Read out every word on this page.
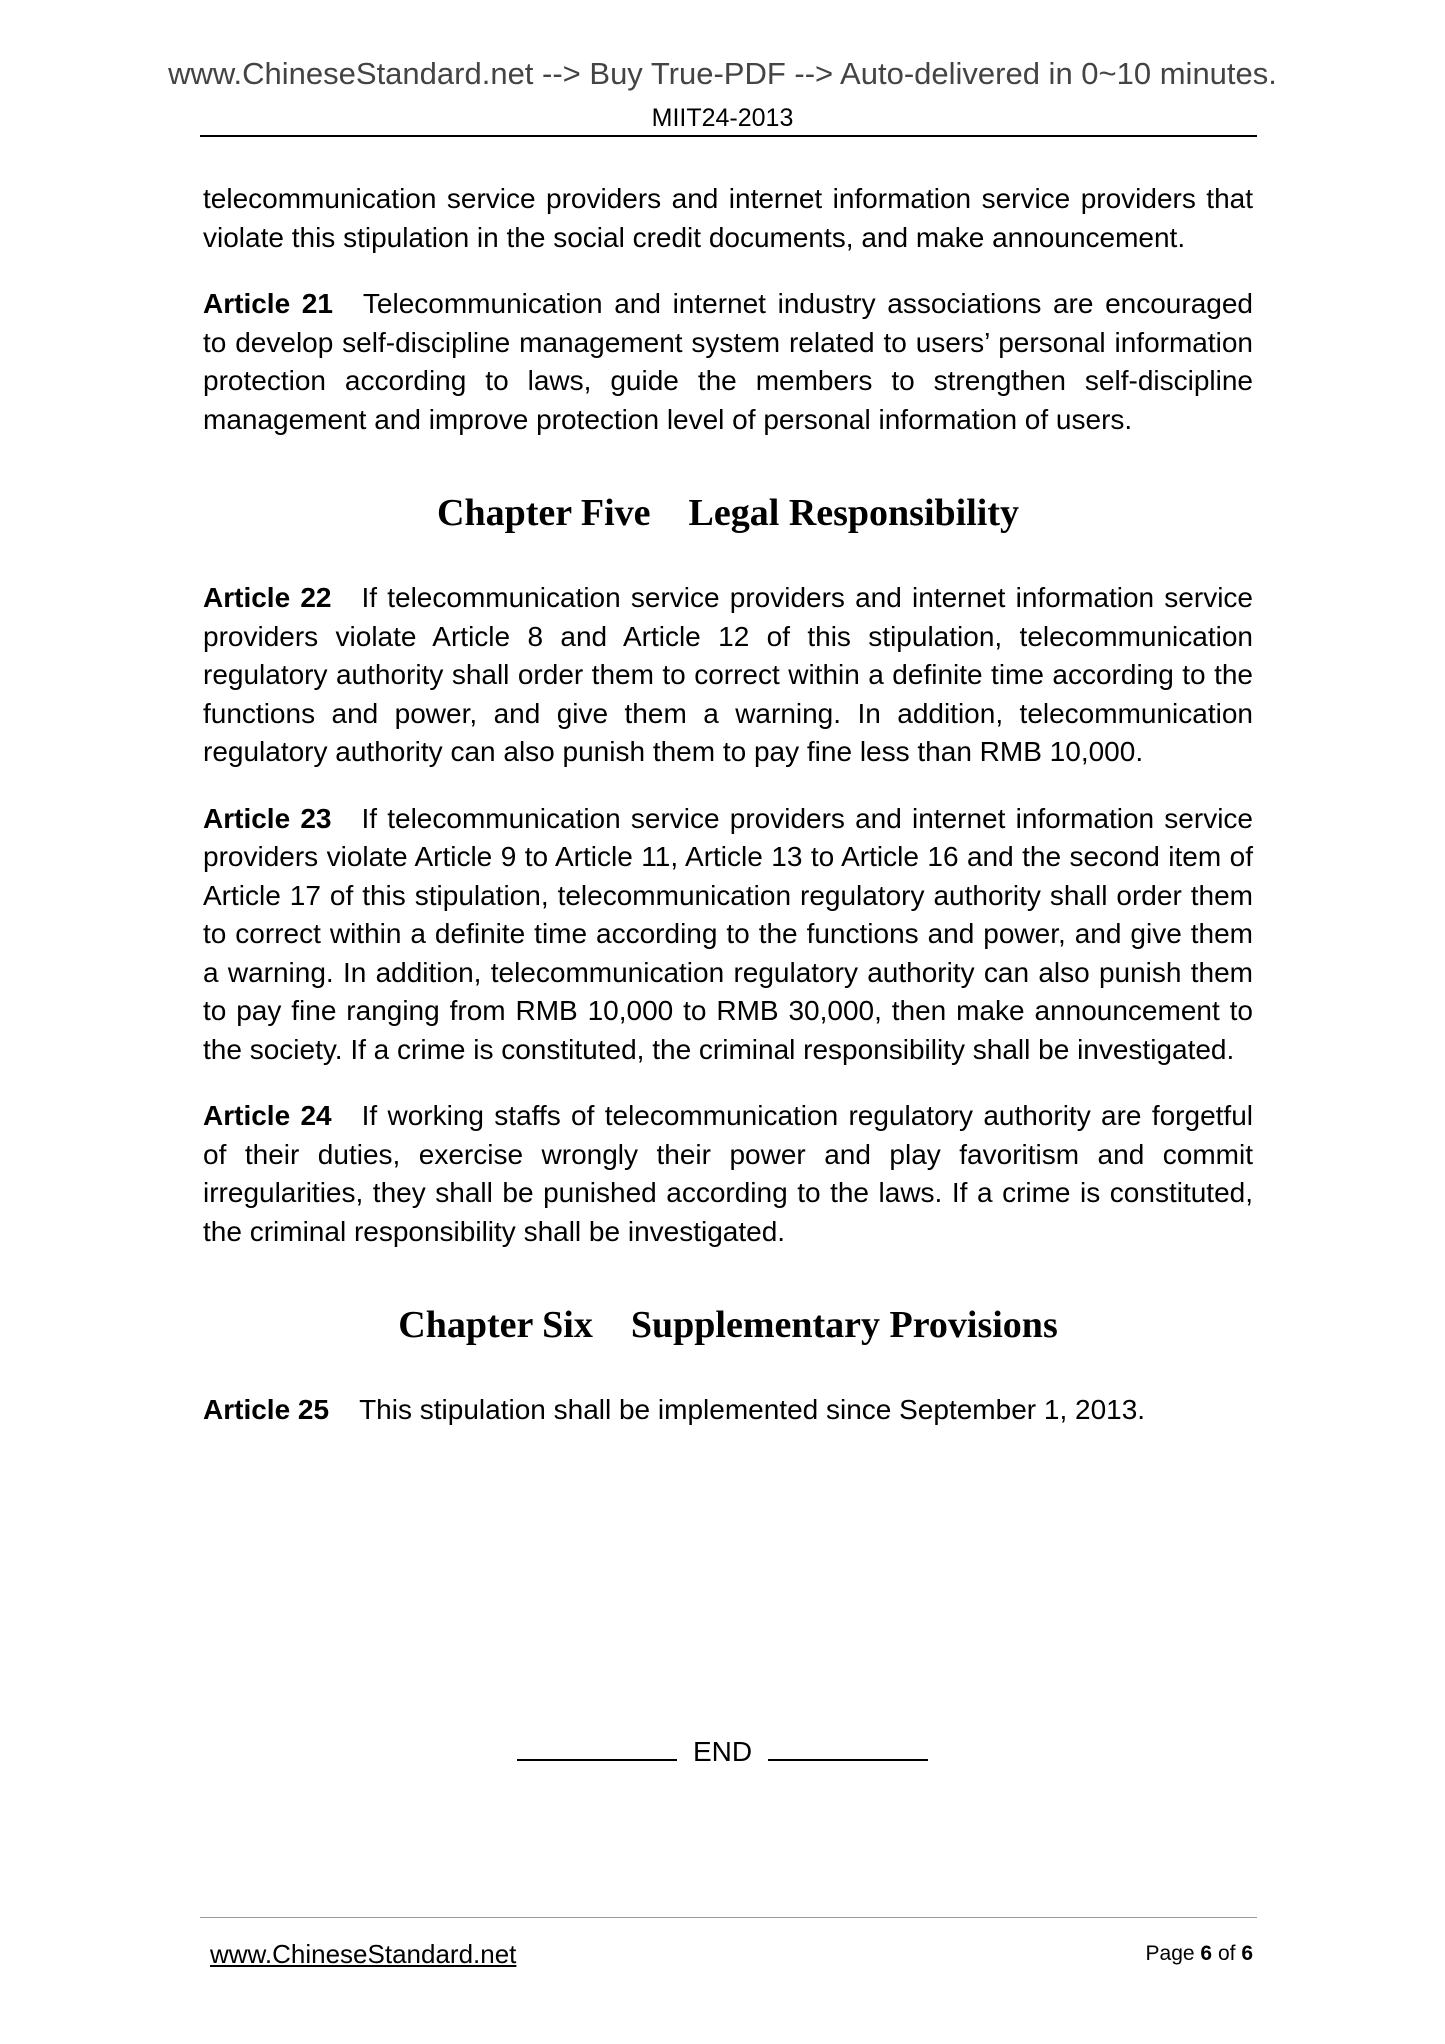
www.ChineseStandard.net --> Buy True-PDF --> Auto-delivered in 0~10 minutes.
MIIT24-2013

telecommunication service providers and internet information service providers that violate this stipulation in the social credit documents, and make announcement.

Article 21 Telecommunication and internet industry associations are encouraged to develop self-discipline management system related to users’ personal information protection according to laws, guide the members to strengthen self-discipline management and improve protection level of personal information of users.

Chapter Five Legal Responsibility

Article 22 If telecommunication service providers and internet information service providers violate Article 8 and Article 12 of this stipulation, telecommunication regulatory authority shall order them to correct within a definite time according to the functions and power, and give them a warning. In addition, telecommunication regulatory authority can also punish them to pay fine less than RMB 10,000.

Article 23 If telecommunication service providers and internet information service providers violate Article 9 to Article 11, Article 13 to Article 16 and the second item of Article 17 of this stipulation, telecommunication regulatory authority shall order them to correct within a definite time according to the functions and power, and give them a warning. In addition, telecommunication regulatory authority can also punish them to pay fine ranging from RMB 10,000 to RMB 30,000, then make announcement to the society. If a crime is constituted, the criminal responsibility shall be investigated.

Article 24 If working staffs of telecommunication regulatory authority are forgetful of their duties, exercise wrongly their power and play favoritism and commit irregularities, they shall be punished according to the laws. If a crime is constituted, the criminal responsibility shall be investigated.

Chapter Six Supplementary Provisions

Article 25 This stipulation shall be implemented since September 1, 2013.

END
www.ChineseStandard.net	Page 6 of 6
